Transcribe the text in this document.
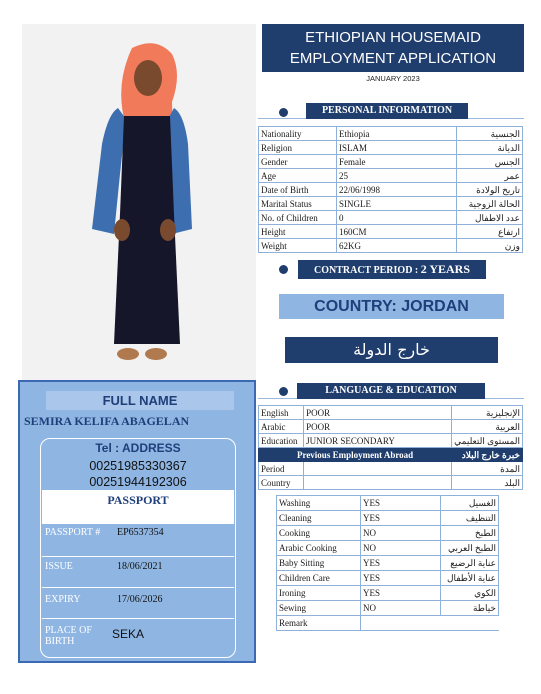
FULL NAME
SEMIRA KELIFA ABAGELAN
Tel : ADDRESS
00251985330367
00251944192306
PASSPORT
PASSPORT # EP6537354
ISSUE	18/06/2021
EXPIRY	17/06/2026
PLACE OF BIRTH
SEKA
ETHIOPIAN HOUSEMAID
EMPLOYMENT APPLICATION
JANUARY 2023
PERSONAL INFORMATION
Nationality	Ethiopia	الجنسية
Religion	ISLAM	الديانة
Gender	Female	الجنس
Age	25	عمر
Date of Birth	22/06/1998	تاريخ الولادة
Marital Status	SINGLE	الحالة الزوجية
No. of Children	0	عدد الاطفال
Height	160CM	ارتفاع
Weight	62KG	وزن
CONTRACT PERIOD : 2 YEARS
COUNTRY: JORDAN
خارج الدولة
LANGUAGE & EDUCATION
English	POOR	الإنجليزية
Arabic	POOR	العربية
Education	JUNIOR SECONDARY	المستوى التعليمي
Previous Employment Abroad		خبرة خارج البلاد
Period		المدة
Country		البلد
Washing	YES	الغسيل
Cleaning	YES	التنظيف
Cooking	NO	الطبخ
Arabic Cooking	NO	الطبخ العربي
Baby Sitting	YES	عناية الرضيع
Children Care	YES	عناية الأطفال
Ironing	YES	الكوي
Sewing	NO	خياطة
Remark		
